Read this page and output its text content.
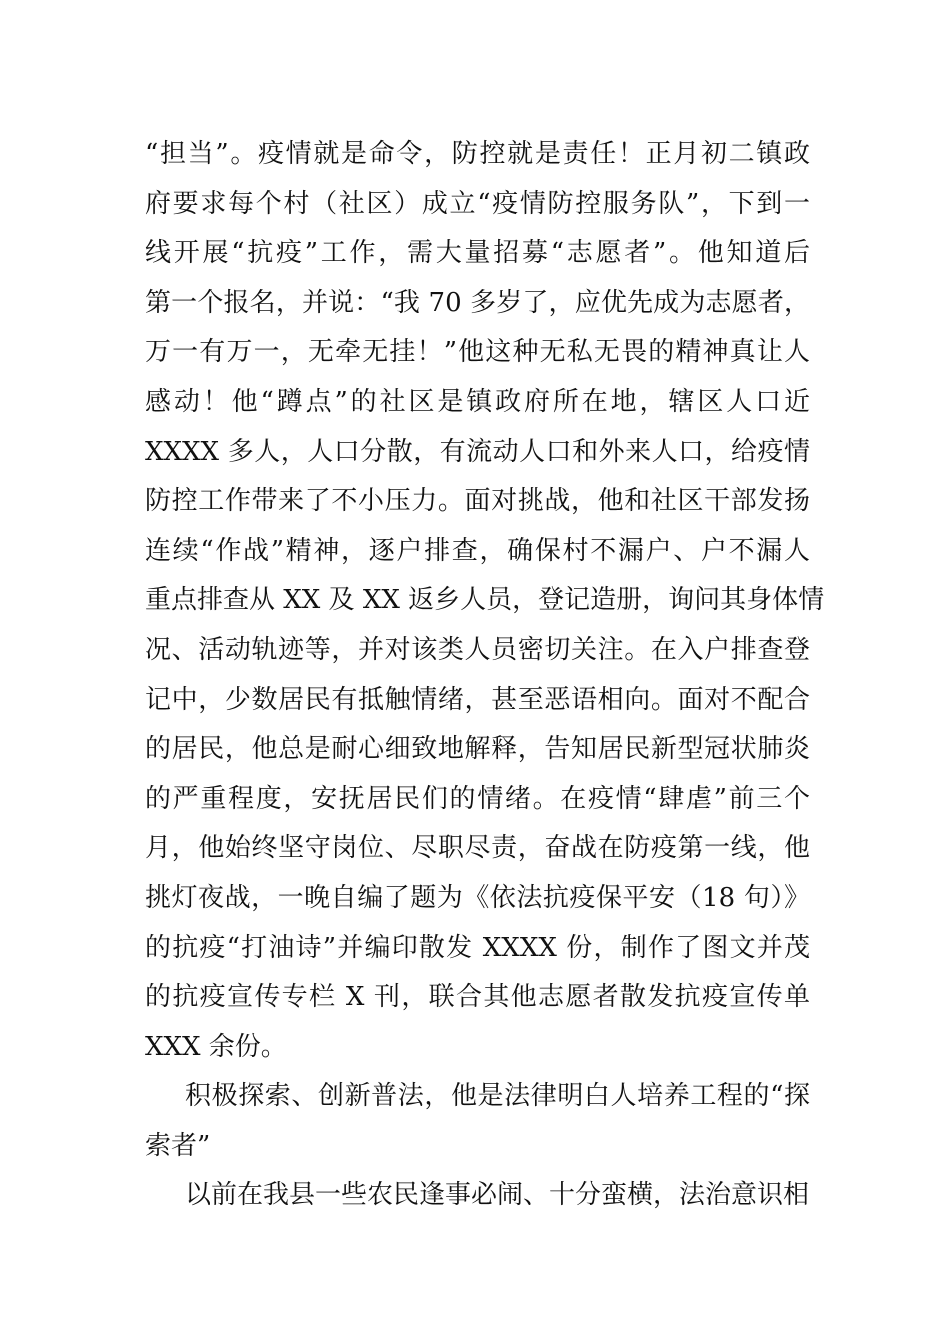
“担当”。疫情就是命令，防控就是责任！正月初二镇政
府要求每个村（社区）成立“疫情防控服务队”，下到一
线开展“抗疫”工作，需大量招募“志愿者”。他知道后
第一个报名，并说：“我 70 多岁了，应优先成为志愿者，
万一有万一，无牵无挂！”他这种无私无畏的精神真让人
感动！他“蹲点”的社区是镇政府所在地，辖区人口近
XXXX 多人，人口分散，有流动人口和外来人口，给疫情
防控工作带来了不小压力。面对挑战，他和社区干部发扬
连续“作战”精神，逐户排查，确保村不漏户、户不漏人
重点排查从 XX 及 XX 返乡人员，登记造册，询问其身体情
况、活动轨迹等，并对该类人员密切关注。在入户排查登
记中，少数居民有抵触情绪，甚至恶语相向。面对不配合
的居民，他总是耐心细致地解释，告知居民新型冠状肺炎
的严重程度，安抚居民们的情绪。在疫情“肆虐”前三个
月，他始终坚守岗位、尽职尽责，奋战在防疫第一线，他
挑灯夜战，一晚自编了题为《依法抗疫保平安（18 句）》
的抗疫“打油诗”并编印散发 XXXX 份，制作了图文并茂
的抗疫宣传专栏 X 刊，联合其他志愿者散发抗疫宣传单
XXX 余份。
积极探索、创新普法，他是法律明白人培养工程的“探
索者”
以前在我县一些农民逢事必闹、十分蛮横，法治意识相
